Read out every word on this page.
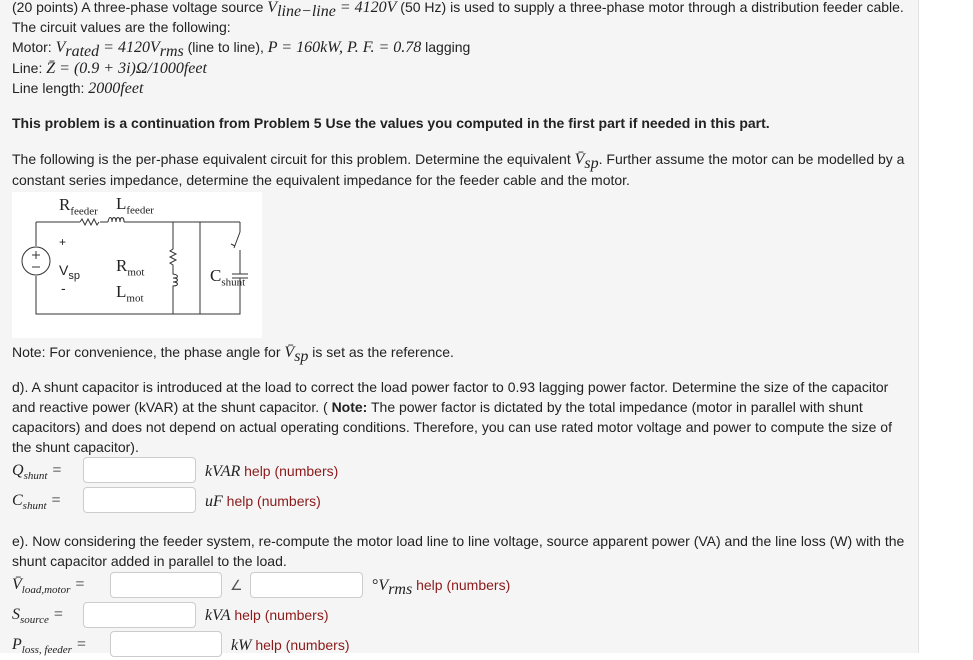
(20 points) A three-phase voltage source $V_{line-line} = 4120V$ (50 Hz) is used to supply a three-phase motor through a distribution feeder cable.
The circuit values are the following:
Motor: $V_{rated} = 4120V_{rms}$ (line to line), P = 160kW, P. F. = 0.78 lagging
Line: Z̄ = (0.9 + 3i)Ω/1000feet
Line length: 2000feet
This problem is a continuation from Problem 5 Use the values you computed in the first part if needed in this part.
The following is the per-phase equivalent circuit for this problem. Determine the equivalent $V̄_{sp}$. Further assume the motor can be modelled by a
constant series impedance, determine the equivalent impedance for the feeder cable and the motor.
$R_{feeder}$ $L_{feeder}$
+
$V_{sp}$
-
$R_{mot}$
$L_{mot}$
$C_{shunt}$
Note: For convenience, the phase angle for $V̄_{sp}$ is set as the reference.
d). A shunt capacitor is introduced at the load to correct the load power factor to 0.93 lagging power factor. Determine the size of the capacitor
and reactive power (kVAR) at the shunt capacitor. ( Note: The power factor is dictated by the total impedance (motor in parallel with shunt
capacitors) and does not depend on actual operating conditions. Therefore, you can use rated motor voltage and power to compute the size of
the shunt capacitor).
$Q_{shunt}$ =	kVAR help (numbers)
$C_{shunt}$ =	uF help (numbers)
e). Now considering the feeder system, re-compute the motor load line to line voltage, source apparent power (VA) and the line loss (W) with the
shunt capacitor added in parallel to the load.
$V̄_{load,motor}$ =	∠	$^\circ V_{rms}$ help (numbers)
$S_{source}$ =	kVA help (numbers)
$P_{loss, feeder}$ =	kW help (numbers)
